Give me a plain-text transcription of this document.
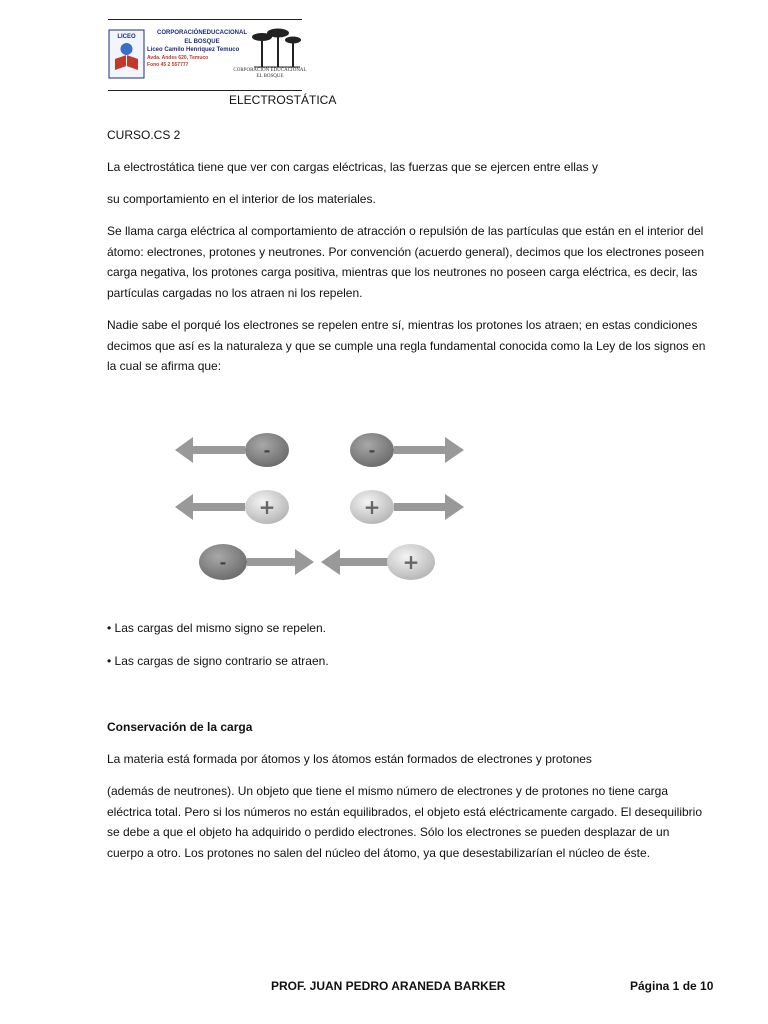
LICEO
CORPORACIÓNEDUCACIONAL
EL BOSQUE
Liceo Camilo Henríquez Temuco
Avda. Andes 620, Temuco
Fono 45 2 557777
CORPORACIÓN EDUCACIONAL
EL BOSQUE
ELECTROSTÁTICA

CURSO.CS 2

La electrostática tiene que ver con cargas eléctricas, las fuerzas que se ejercen entre ellas y

su comportamiento en el interior de los materiales.

Se llama carga eléctrica al comportamiento de atracción o repulsión de las partículas que están en el interior del átomo: electrones, protones y neutrones. Por convención (acuerdo general), decimos que los electrones poseen carga negativa, los protones carga positiva, mientras que los neutrones no poseen carga eléctrica, es decir, las partículas cargadas no los atraen ni los repelen.

Nadie sabe el porqué los electrones se repelen entre sí, mientras los protones los atraen; en estas condiciones decimos que así es la naturaleza y que se cumple una regla fundamental conocida como la Ley de los signos en la cual se afirma que:

-	-
+	+
-	+

• Las cargas del mismo signo se repelen.

• Las cargas de signo contrario se atraen.

Conservación de la carga

La materia está formada por átomos y los átomos están formados de electrones y protones

(además de neutrones). Un objeto que tiene el mismo número de electrones y de protones no tiene carga eléctrica total. Pero si los números no están equilibrados, el objeto está eléctricamente cargado. El desequilibrio se debe a que el objeto ha adquirido o perdido electrones. Sólo los electrones se pueden desplazar de un cuerpo a otro. Los protones no salen del núcleo del átomo, ya que desestabilizarían el núcleo de éste.

PROF. JUAN PEDRO ARANEDA BARKER	Página 1 de 10
